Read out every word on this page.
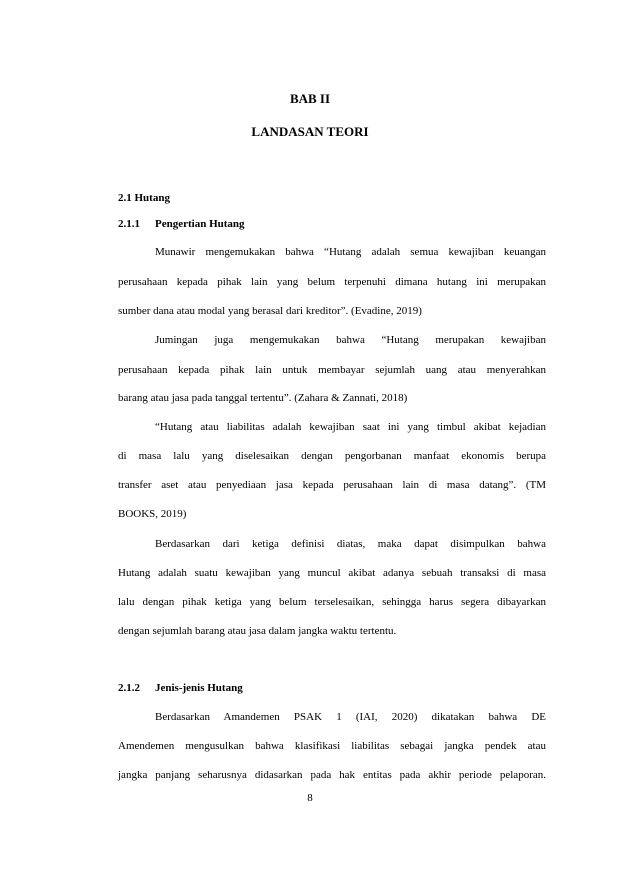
BAB II
LANDASAN TEORI

2.1 Hutang

2.1.1 Pengertian Hutang

Munawir mengemukakan bahwa “Hutang adalah semua kewajiban keuangan

perusahaan kepada pihak lain yang belum terpenuhi dimana hutang ini merupakan

sumber dana atau modal yang berasal dari kreditor”. (Evadine, 2019)

Jumingan juga mengemukakan bahwa “Hutang merupakan kewajiban

perusahaan kepada pihak lain untuk membayar sejumlah uang atau menyerahkan

barang atau jasa pada tanggal tertentu”. (Zahara & Zannati, 2018)

“Hutang atau liabilitas adalah kewajiban saat ini yang timbul akibat kejadian

di masa lalu yang diselesaikan dengan pengorbanan manfaat ekonomis berupa

transfer aset atau penyediaan jasa kepada perusahaan lain di masa datang”. (TM

BOOKS, 2019)

Berdasarkan dari ketiga definisi diatas, maka dapat disimpulkan bahwa

Hutang adalah suatu kewajiban yang muncul akibat adanya sebuah transaksi di masa

lalu dengan pihak ketiga yang belum terselesaikan, sehingga harus segera dibayarkan

dengan sejumlah barang atau jasa dalam jangka waktu tertentu.

2.1.2 Jenis-jenis Hutang

Berdasarkan Amandemen PSAK 1 (IAI, 2020) dikatakan bahwa DE

Amendemen mengusulkan bahwa klasifikasi liabilitas sebagai jangka pendek atau

jangka panjang seharusnya didasarkan pada hak entitas pada akhir periode pelaporan.

8
